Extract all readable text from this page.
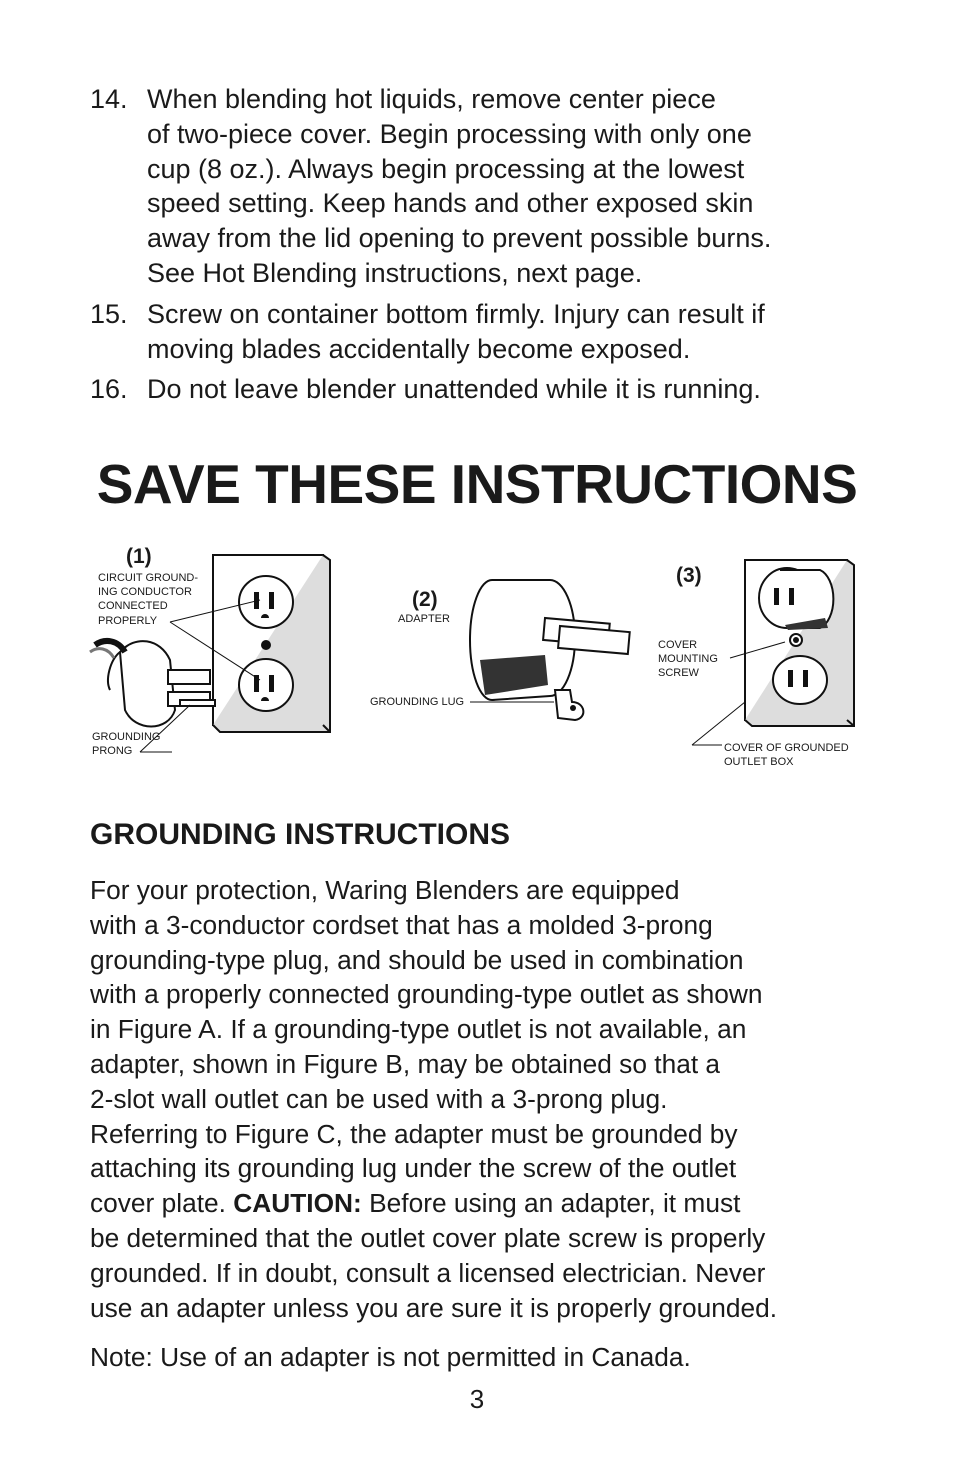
14. When blending hot liquids, remove center piece
of two-piece cover. Begin processing with only one
cup (8 oz.). Always begin processing at the lowest
speed setting. Keep hands and other exposed skin
away from the lid opening to prevent possible burns.
See Hot Blending instructions, next page.
15. Screw on container bottom firmly. Injury can result if
moving blades accidentally become exposed.
16. Do not leave blender unattended while it is running.
SAVE THESE INSTRUCTIONS
(1)
CIRCUIT GROUND-
ING CONDUCTOR
CONNECTED
PROPERLY
GROUNDING
PRONG
(2)
ADAPTER
GROUNDING LUG
(3)
COVER
MOUNTING
SCREW
COVER OF GROUNDED
OUTLET BOX
GROUNDING INSTRUCTIONS
For your protection, Waring Blenders are equipped
with a 3-conductor cordset that has a molded 3-prong
grounding-type plug, and should be used in combination
with a properly connected grounding-type outlet as shown
in Figure A. If a grounding-type outlet is not available, an
adapter, shown in Figure B, may be obtained so that a
2-slot wall outlet can be used with a 3-prong plug.
Referring to Figure C, the adapter must be grounded by
attaching its grounding lug under the screw of the outlet
cover plate. CAUTION: Before using an adapter, it must
be determined that the outlet cover plate screw is properly
grounded. If in doubt, consult a licensed electrician. Never
use an adapter unless you are sure it is properly grounded.

Note: Use of an adapter is not permitted in Canada.

3
